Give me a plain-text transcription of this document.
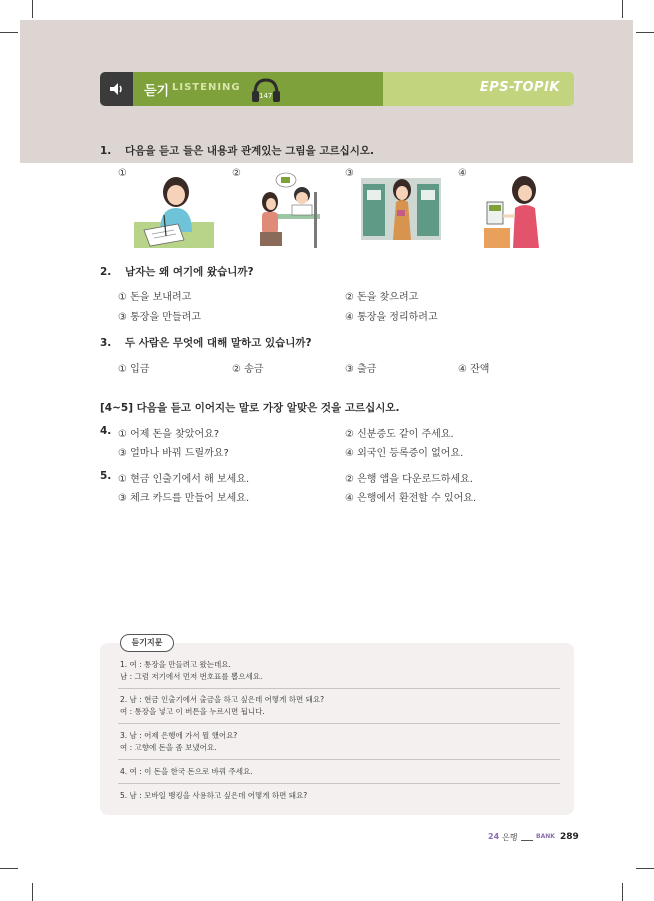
듣기 LISTENING
147
EPS-TOPIK
1. 다음을 듣고 들은 내용과 관계있는 그림을 고르십시오.
①	②	③	④
2. 남자는 왜 여기에 왔습니까?
① 돈을 보내려고	② 돈을 찾으려고
③ 통장을 만들려고	④ 통장을 정리하려고
3. 두 사람은 무엇에 대해 말하고 있습니까?
① 입금	② 송금	③ 출금	④ 잔액
[4~5] 다음을 듣고 이어지는 말로 가장 알맞은 것을 고르십시오.
4. ① 어제 돈을 찾았어요?	② 신분증도 같이 주세요.
③ 얼마나 바꿔 드릴까요?	④ 외국인 등록증이 없어요.
5. ① 현금 인출기에서 해 보세요.	② 은행 앱을 다운로드하세요.
③ 체크 카드를 만들어 보세요.	④ 은행에서 환전할 수 있어요.
듣기지문
1. 여 : 통장을 만들려고 왔는데요.
남 : 그럼 저기에서 먼저 번호표를 뽑으세요.
2. 남 : 현금 인출기에서 출금을 하고 싶은데 어떻게 하면 돼요?
여 : 통장을 넣고 이 버튼을 누르시면 됩니다.
3. 남 : 어제 은행에 가서 뭘 했어요?
여 : 고향에 돈을 좀 보냈어요.
4. 여 : 이 돈을 한국 돈으로 바꿔 주세요.
5. 남 : 모바일 뱅킹을 사용하고 싶은데 어떻게 하면 돼요?
24 은행	BANK 289
